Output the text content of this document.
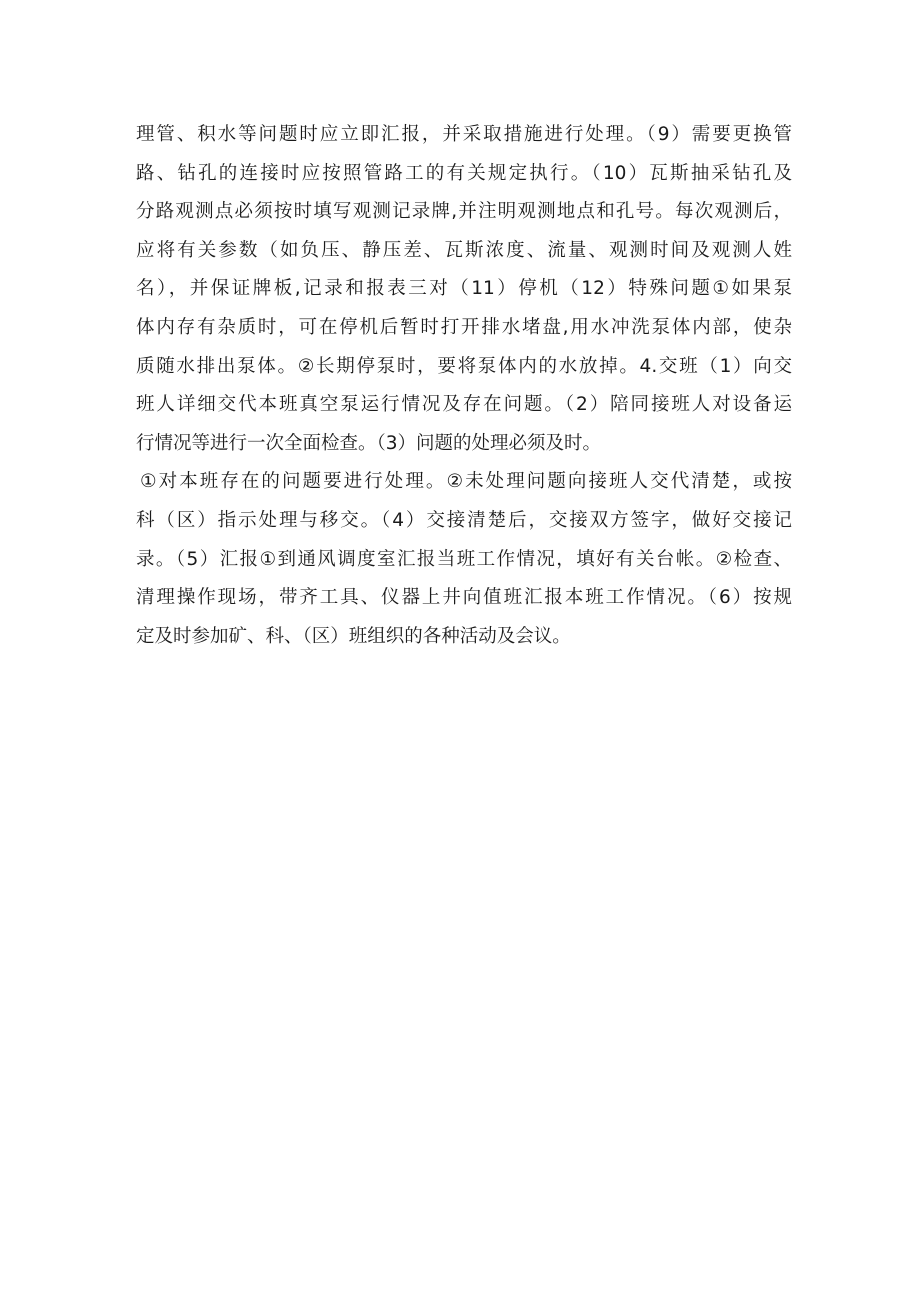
理管、积水等问题时应立即汇报，并采取措施进行处理。（9）需要更换管
路、钻孔的连接时应按照管路工的有关规定执行。（10）瓦斯抽采钻孔及
分路观测点必须按时填写观测记录牌,并注明观测地点和孔号。每次观测后，
应将有关参数（如负压、静压差、瓦斯浓度、流量、观测时间及观测人姓
名），并保证牌板,记录和报表三对（11）停机（12）特殊问题①如果泵
体内存有杂质时，可在停机后暂时打开排水堵盘,用水冲洗泵体内部，使杂
质随水排出泵体。②长期停泵时，要将泵体内的水放掉。4.交班（1）向交
班人详细交代本班真空泵运行情况及存在问题。（2）陪同接班人对设备运
行情况等进行一次全面检查。（3）问题的处理必须及时。
①对本班存在的问题要进行处理。②未处理问题向接班人交代清楚，或按
科（区）指示处理与移交。（4）交接清楚后，交接双方签字，做好交接记
录。（5）汇报①到通风调度室汇报当班工作情况，填好有关台帐。②检查、
清理操作现场，带齐工具、仪器上井向值班汇报本班工作情况。（6）按规
定及时参加矿、科、（区）班组织的各种活动及会议。
